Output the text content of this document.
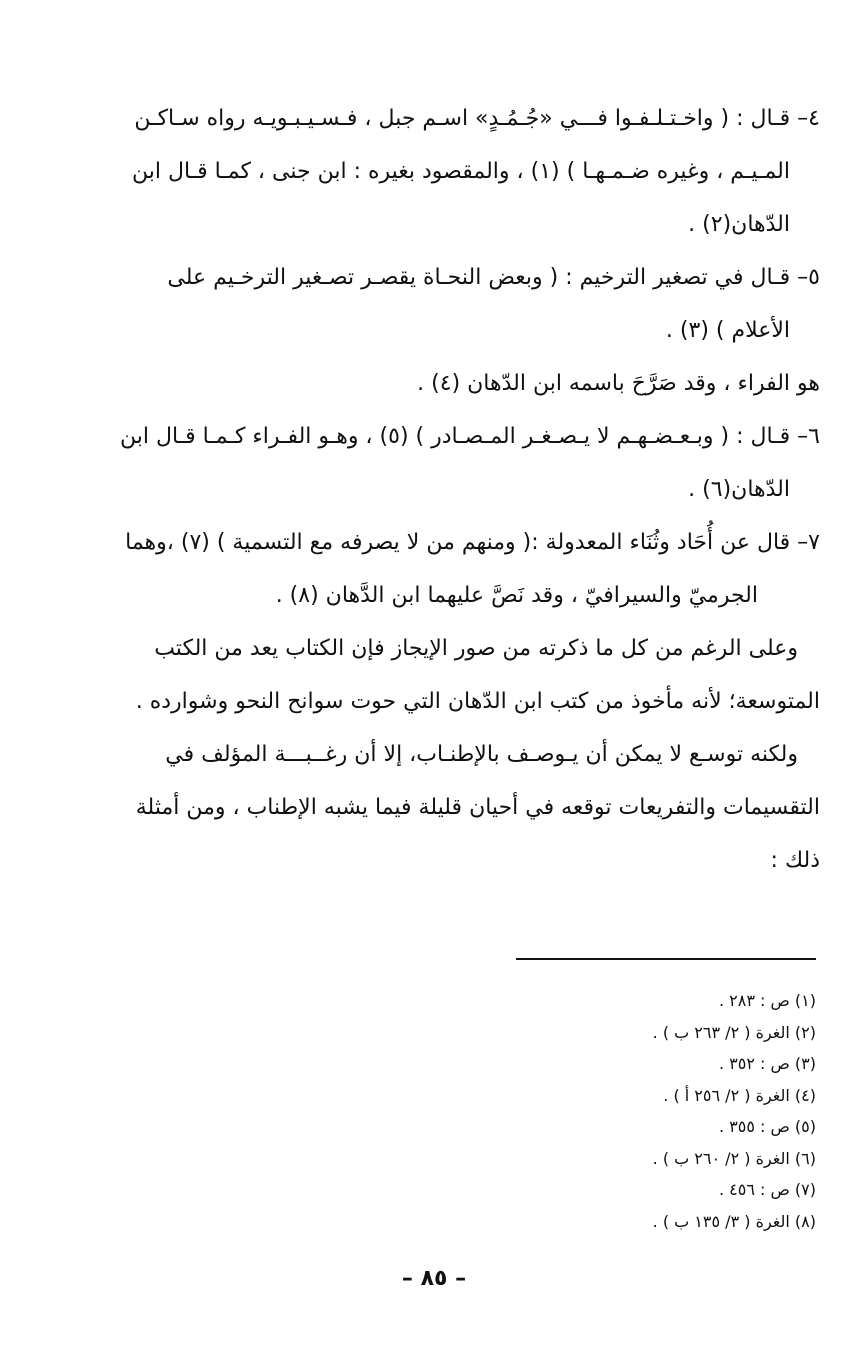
٤– قـال : ( واخـتـلـفـوا فـــي «جُـمُـدٍ» اسـم جبل ، فـسـيـبـويـه رواه سـاكـن
المـيـم ، وغيره ضـمـهـا ) (١) ، والمقصود بغيره : ابن جنى ، كمـا قـال ابن
الدّهان(٢) .
٥– قـال في تصغير الترخيم : ( وبعض النحـاة يقصـر تصـغير الترخـيم على
الأعلام ) (٣) .
هو الفراء ، وقد صَرَّحَ باسمه ابن الدّهان (٤) .
٦– قـال : ( وبـعـضـهـم لا يـصـغـر المـصـادر ) (٥) ، وهـو الفـراء كـمـا قـال ابن
الدّهان(٦) .
٧– قال عن أُحَاد وثُنَاء المعدولة :( ومنهم من لا يصرفه مع التسمية ) (٧) ،وهما
الجرميّ والسيرافيّ ، وقد نَصَّ عليهما ابن الدَّهان (٨) .
وعلى الرغم من كل ما ذكرته من صور الإيجاز فإن الكتاب يعد من الكتب
المتوسعة؛ لأنه مأخوذ من كتب ابن الدّهان التي حوت سوانح النحو وشوارده .
ولكنه توسـع لا يمكن أن يـوصـف بالإطنـاب، إلا أن رغــبـــة المؤلف في
التقسيمات والتفريعات توقعه في أحيان قليلة فيما يشبه الإطناب ، ومن أمثلة
ذلك :
(١) ص : ٢٨٣ .
(٢) الغرة ( ٢/ ٢٦٣ ب ) .
(٣) ص : ٣٥٢ .
(٤) الغرة ( ٢/ ٢٥٦ أ ) .
(٥) ص : ٣٥٥ .
(٦) الغرة ( ٢/ ٢٦٠ ب ) .
(٧) ص : ٤٥٦ .
(٨) الغرة ( ٣/ ١٣٥ ب ) .
– ٨٥ –
